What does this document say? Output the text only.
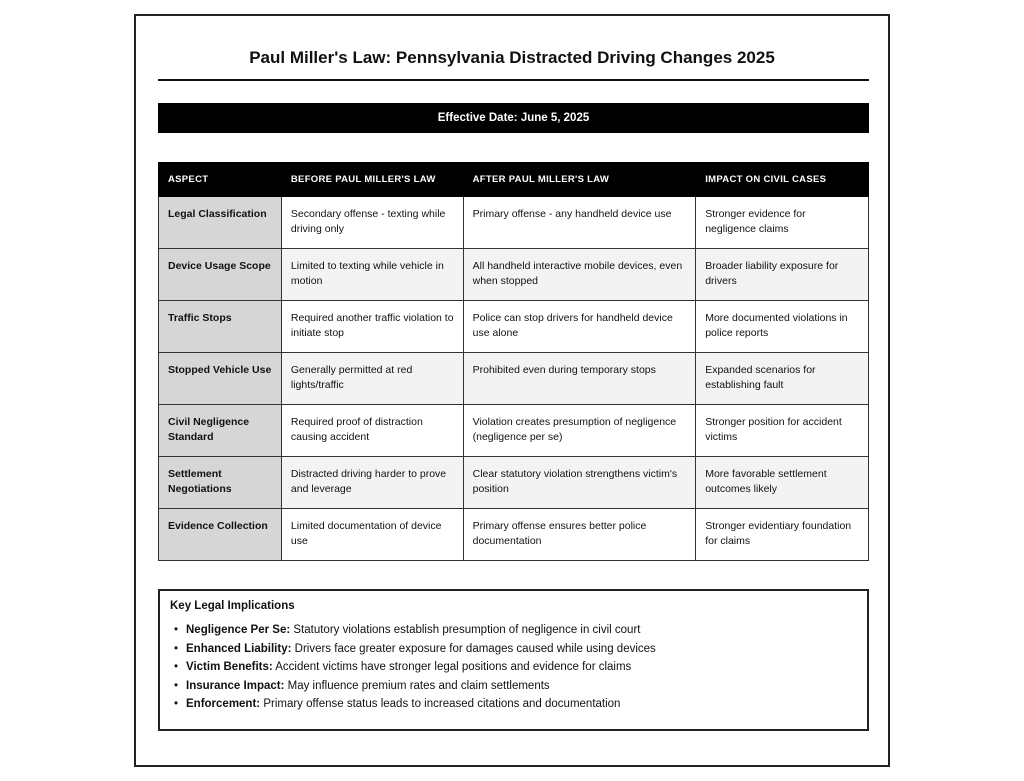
Paul Miller's Law: Pennsylvania Distracted Driving Changes 2025
Effective Date: June 5, 2025
ASPECT	BEFORE PAUL MILLER'S LAW	AFTER PAUL MILLER'S LAW	IMPACT ON CIVIL CASES
Legal Classification	Secondary offense - texting while driving only	Primary offense - any handheld device use	Stronger evidence for negligence claims
Device Usage Scope	Limited to texting while vehicle in motion	All handheld interactive mobile devices, even when stopped	Broader liability exposure for drivers
Traffic Stops	Required another traffic violation to initiate stop	Police can stop drivers for handheld device use alone	More documented violations in police reports
Stopped Vehicle Use	Generally permitted at red lights/traffic	Prohibited even during temporary stops	Expanded scenarios for establishing fault
Civil Negligence Standard	Required proof of distraction causing accident	Violation creates presumption of negligence (negligence per se)	Stronger position for accident victims
Settlement Negotiations	Distracted driving harder to prove and leverage	Clear statutory violation strengthens victim's position	More favorable settlement outcomes likely
Evidence Collection	Limited documentation of device use	Primary offense ensures better police documentation	Stronger evidentiary foundation for claims
Key Legal Implications
• Negligence Per Se: Statutory violations establish presumption of negligence in civil court
• Enhanced Liability: Drivers face greater exposure for damages caused while using devices
• Victim Benefits: Accident victims have stronger legal positions and evidence for claims
• Insurance Impact: May influence premium rates and claim settlements
• Enforcement: Primary offense status leads to increased citations and documentation
